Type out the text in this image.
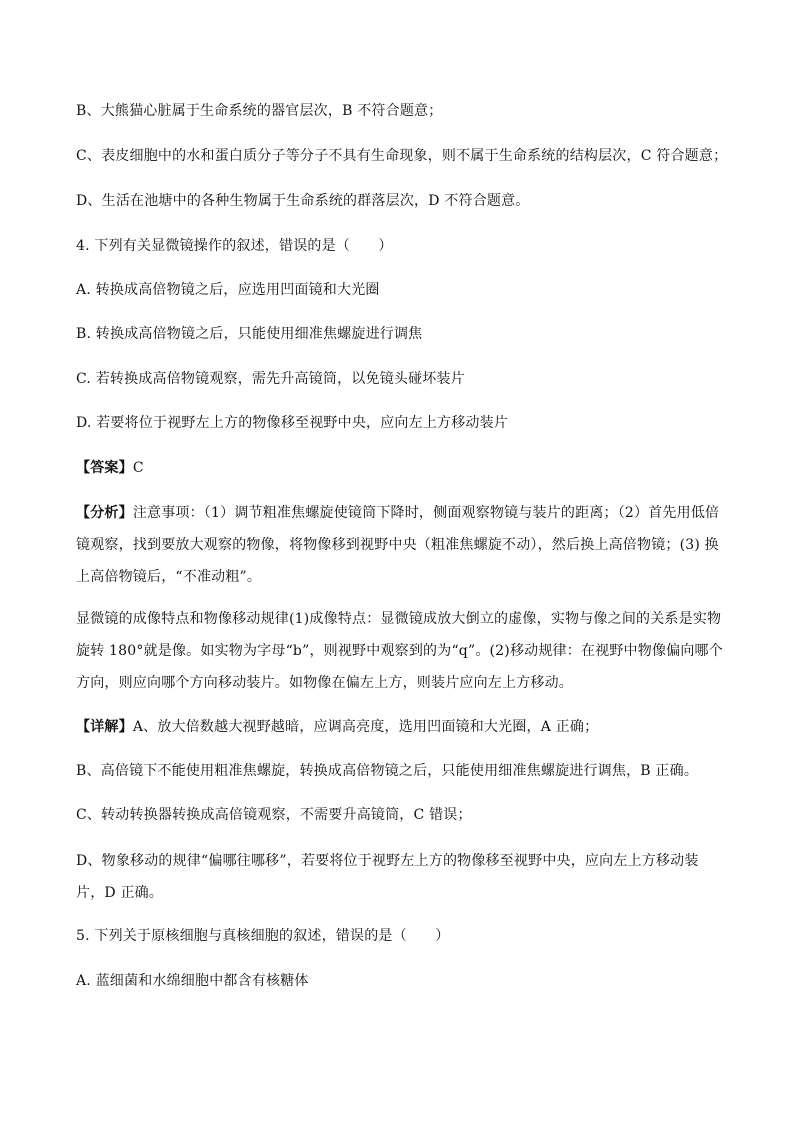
B、大熊猫心脏属于生命系统的器官层次，B 不符合题意；
C、表皮细胞中的水和蛋白质分子等分子不具有生命现象，则不属于生命系统的结构层次，C 符合题意；
D、生活在池塘中的各种生物属于生命系统的群落层次，D 不符合题意。
4. 下列有关显微镜操作的叙述，错误的是（　　）
A. 转换成高倍物镜之后，应选用凹面镜和大光圈
B. 转换成高倍物镜之后，只能使用细准焦螺旋进行调焦
C. 若转换成高倍物镜观察，需先升高镜筒，以免镜头碰坏装片
D. 若要将位于视野左上方的物像移至视野中央，应向左上方移动装片
【答案】C
【分析】注意事项：（1）调节粗准焦螺旋使镜筒下降时，侧面观察物镜与装片的距离；（2）首先用低倍镜观察，找到要放大观察的物像，将物像移到视野中央（粗准焦螺旋不动），然后换上高倍物镜；(3) 换上高倍物镜后，“不准动粗”。
显微镜的成像特点和物像移动规律(1)成像特点：显微镜成放大倒立的虚像，实物与像之间的关系是实物旋转 180°就是像。如实物为字母“b”，则视野中观察到的为“q”。(2)移动规律：在视野中物像偏向哪个方向，则应向哪个方向移动装片。如物像在偏左上方，则装片应向左上方移动。
【详解】A、放大倍数越大视野越暗，应调高亮度，选用凹面镜和大光圈，A 正确；
B、高倍镜下不能使用粗准焦螺旋，转换成高倍物镜之后，只能使用细准焦螺旋进行调焦，B 正确。
C、转动转换器转换成高倍镜观察，不需要升高镜筒，C 错误；
D、物象移动的规律“偏哪往哪移”，若要将位于视野左上方的物像移至视野中央，应向左上方移动装片，D 正确。
5. 下列关于原核细胞与真核细胞的叙述，错误的是（　　）
A. 蓝细菌和水绵细胞中都含有核糖体
